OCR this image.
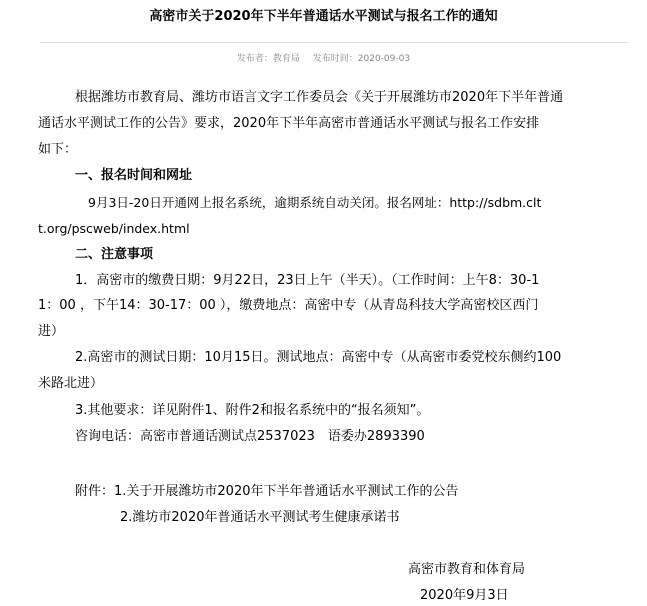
高密市关于2020年下半年普通话水平测试与报名工作的通知
发布者：教育局 发布时间：2020-09-03
根据潍坊市教育局、潍坊市语言文字工作委员会《关于开展潍坊市2020年下半年普通
通话水平测试工作的公告》要求，2020年下半年高密市普通话水平测试与报名工作安排
如下：
一、报名时间和网址
9月3日-20日开通网上报名系统，逾期系统自动关闭。报名网址：http://sdbm.clt
t.org/pscweb/index.html
二、注意事项
1．高密市的缴费日期：9月22日，23日上午（半天）。（工作时间：上午8：30-1
1：00 ，下午14：30-17：00 ），缴费地点：高密中专（从青岛科技大学高密校区西门
进）
2.高密市的测试日期：10月15日。测试地点：高密中专（从高密市委党校东侧约100
米路北进）
3.其他要求：详见附件1、附件2和报名系统中的“报名须知”。
咨询电话：高密市普通话测试点2537023　语委办2893390
附件：1.关于开展潍坊市2020年下半年普通话水平测试工作的公告
2.潍坊市2020年普通话水平测试考生健康承诺书
高密市教育和体育局
2020年9月3日
